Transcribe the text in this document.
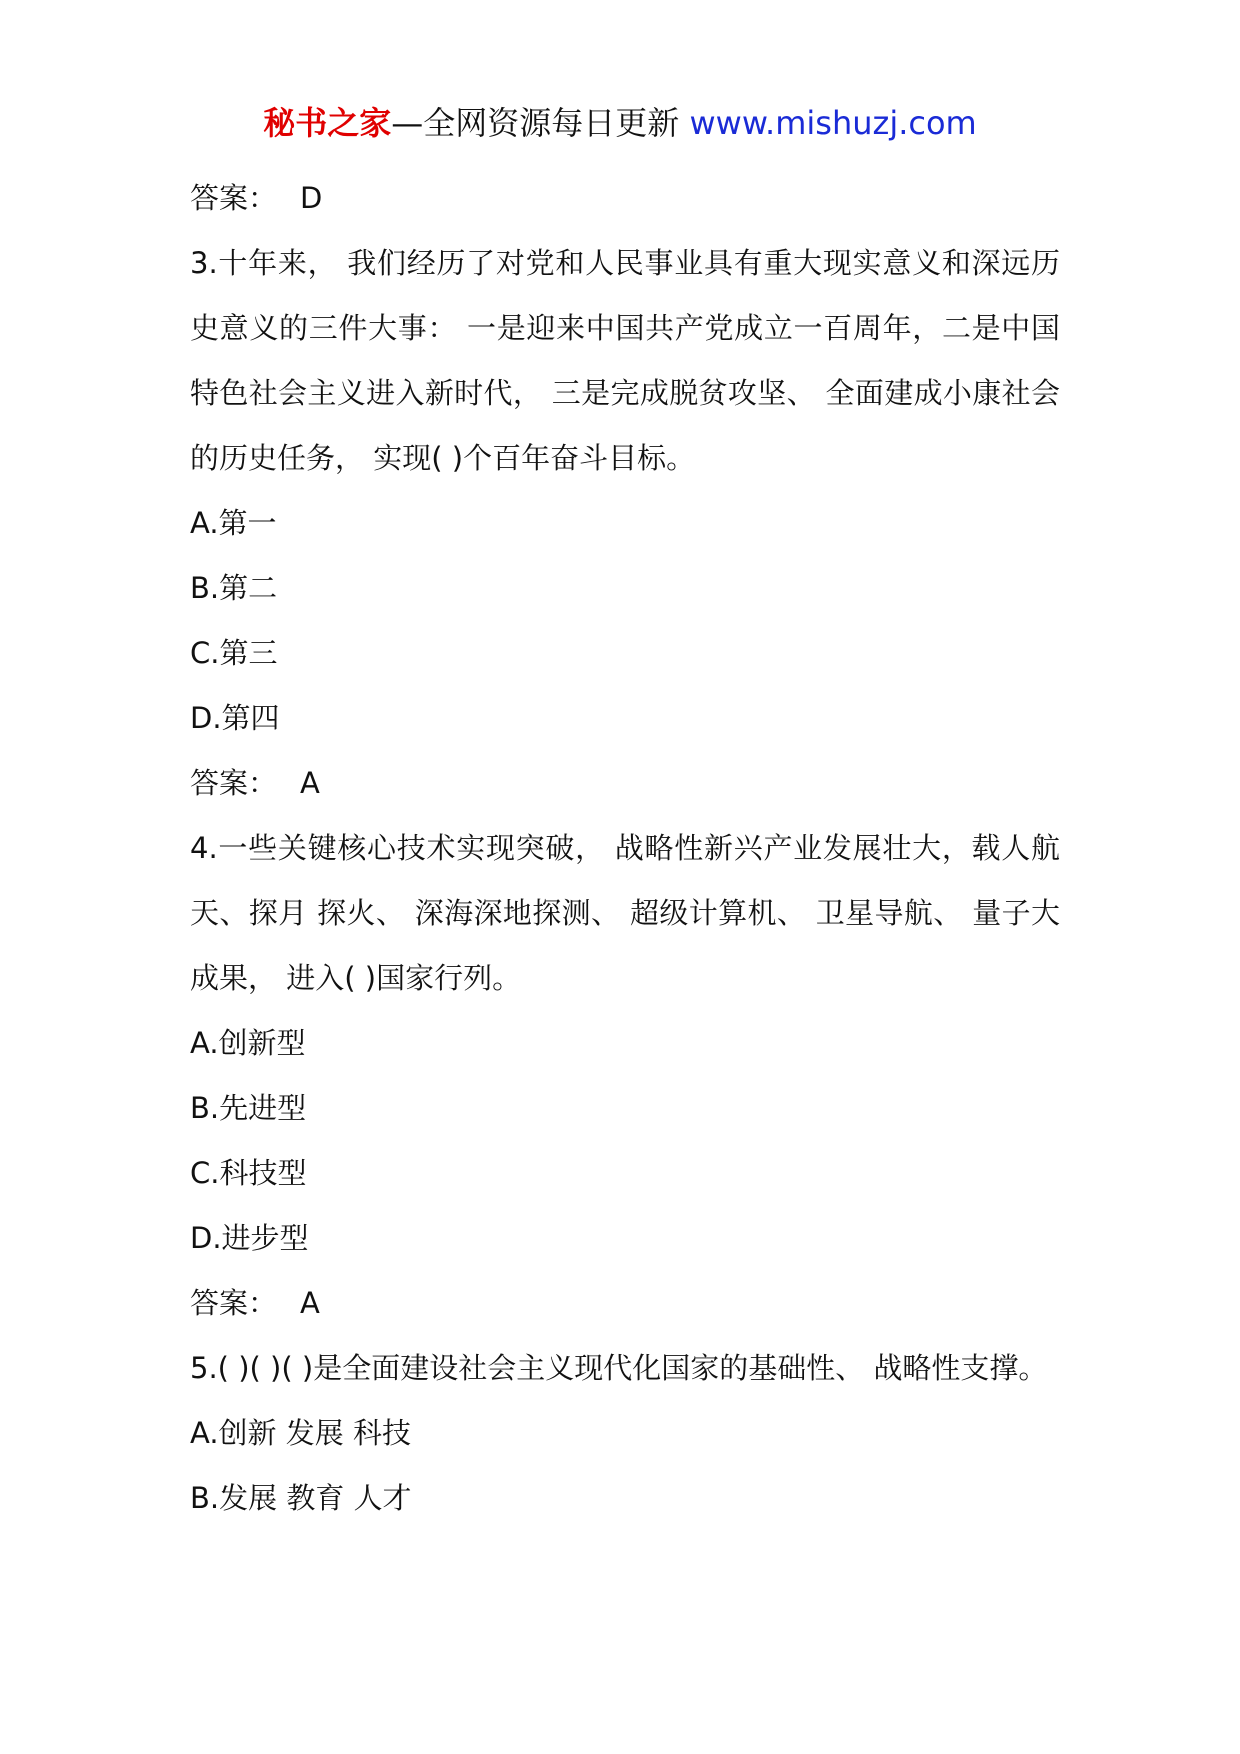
秘书之家—全网资源每日更新 www.mishuzj.com
答案： D
3.十年来， 我们经历了对党和人民事业具有重大现实意义和深远历史意义的三件大事： 一是迎来中国共产党成立一百周年，二是中国特色社会主义进入新时代， 三是完成脱贫攻坚、 全面建成小康社会的历史任务， 实现( )个百年奋斗目标。
A.第一
B.第二
C.第三
D.第四
答案： A
4.一些关键核心技术实现突破， 战略性新兴产业发展壮大，载人航天、探月 探火、 深海深地探测、 超级计算机、 卫星导航、 量子大成果， 进入( )国家行列。
A.创新型
B.先进型
C.科技型
D.进步型
答案： A
5.( )( )( )是全面建设社会主义现代化国家的基础性、 战略性支撑。
A.创新 发展 科技
B.发展 教育 人才
